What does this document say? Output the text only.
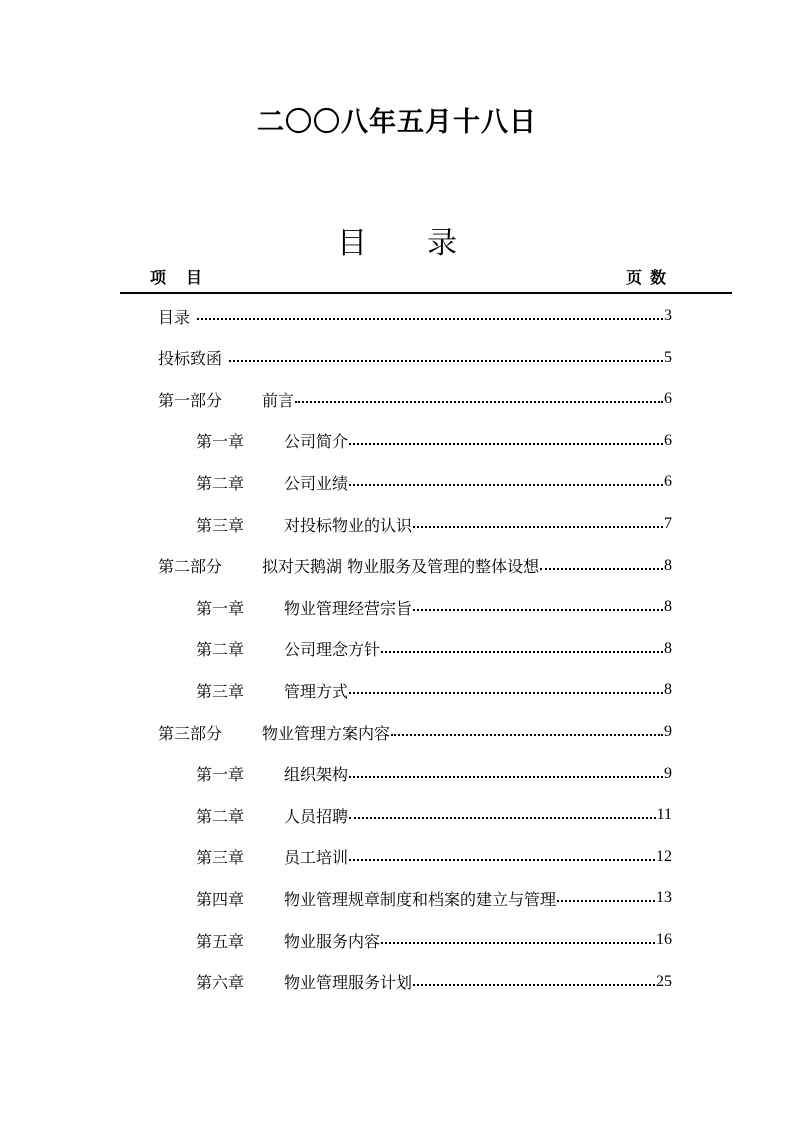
二〇〇八年五月十八日
目录
项目	页数
目录	3
投标致函	5
第一部分	前言	6
第一章	公司简介	6
第二章	公司业绩	6
第三章	对投标物业的认识	7
第二部分	拟对天鹅湖 物业服务及管理的整体设想	8
第一章	物业管理经营宗旨	8
第二章	公司理念方针	8
第三章	管理方式	8
第三部分	物业管理方案内容	9
第一章	组织架构	9
第二章	人员招聘	11
第三章	员工培训	12
第四章	物业管理规章制度和档案的建立与管理	13
第五章	物业服务内容	16
第六章	物业管理服务计划	25
